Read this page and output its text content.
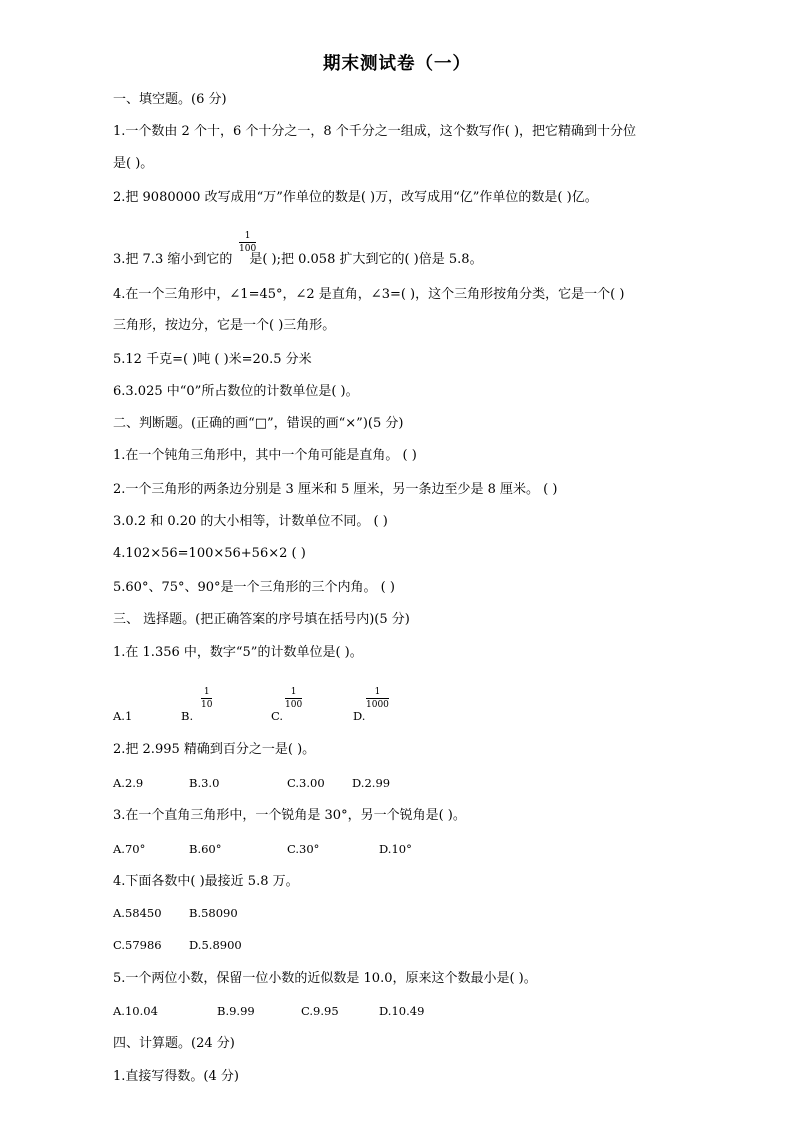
期末测试卷（一）
一、填空题。(6 分)
1.一个数由 2 个十，6 个十分之一，8 个千分之一组成，这个数写作( )，把它精确到十分位
是( )。
2.把 9080000 改写成用“万”作单位的数是( )万，改写成用“亿”作单位的数是( )亿。
3.把 7.3 缩小到它的 是( );把 0.058 扩大到它的( )倍是 5.8。
$\frac{1}{100}$
4.在一个三角形中，∠1=45°，∠2 是直角，∠3=( )，这个三角形按角分类，它是一个( )
三角形，按边分，它是一个( )三角形。
5.12 千克=( )吨 ( )米=20.5 分米
6.3.025 中“0”所占数位的计数单位是( )。
二、判断题。(正确的画“□”，错误的画“×”)(5 分)
1.在一个钝角三角形中，其中一个角可能是直角。 ( )
2.一个三角形的两条边分别是 3 厘米和 5 厘米，另一条边至少是 8 厘米。 ( )
3.0.2 和 0.20 的大小相等，计数单位不同。 ( )
4.102×56=100×56+56×2 ( )
5.60°、75°、90°是一个三角形的三个内角。 ( )
三、 选择题。(把正确答案的序号填在括号内)(5 分)
1.在 1.356 中，数字“5”的计数单位是( )。
A.1	B.
$\frac{1}{10}$
C.
$\frac{1}{100}$
D.
$\frac{1}{1000}$
2.把 2.995 精确到百分之一是( )。
A.2.9	B.3.0	C.3.00 D.2.99
3.在一个直角三角形中，一个锐角是 30°，另一个锐角是( )。
A.70°	B.60°	C.30°	D.10°
4.下面各数中( )最接近 5.8 万。
A.58450 B.58090
C.57986 D.5.8900
5.一个两位小数，保留一位小数的近似数是 10.0，原来这个数最小是( )。
A.10.04	B.9.99	C.9.95	D.10.49
四、计算题。(24 分)
1.直接写得数。(4 分)
